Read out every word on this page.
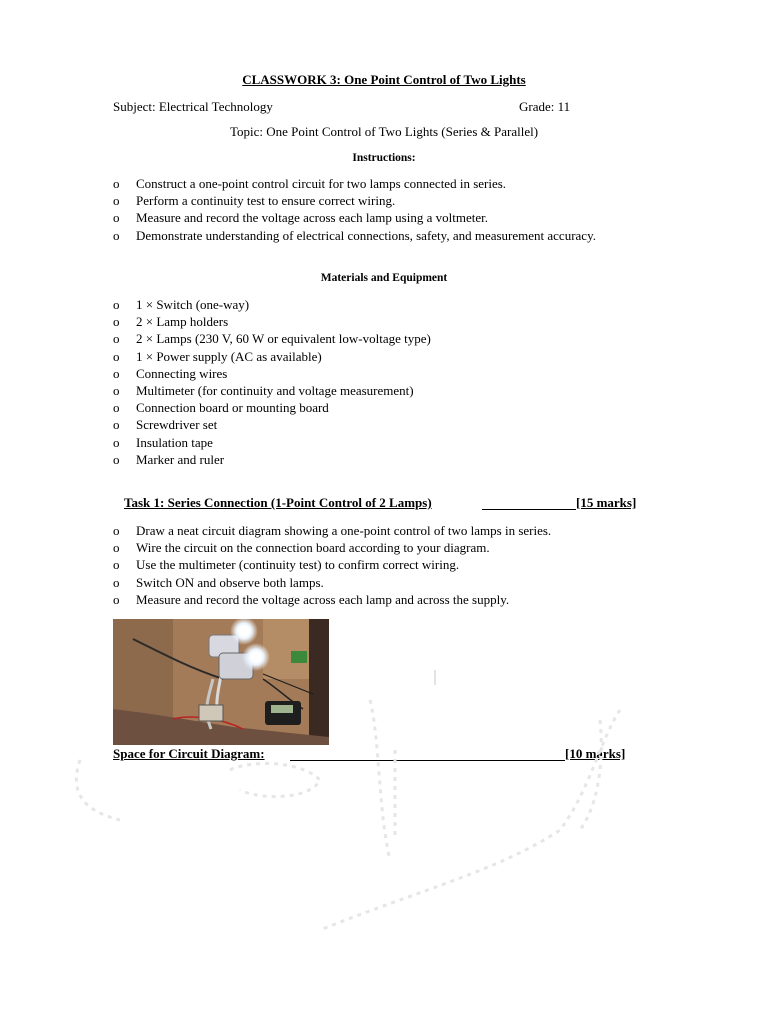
CLASSWORK 3: One Point Control of Two Lights
Subject: Electrical Technology	Grade: 11
Topic: One Point Control of Two Lights (Series & Parallel)
Instructions:
o Construct a one-point control circuit for two lamps connected in series.
o Perform a continuity test to ensure correct wiring.
o Measure and record the voltage across each lamp using a voltmeter.
o Demonstrate understanding of electrical connections, safety, and measurement accuracy.
Materials and Equipment
o 1 × Switch (one-way)
o 2 × Lamp holders
o 2 × Lamps (230 V, 60 W or equivalent low-voltage type)
o 1 × Power supply (AC as available)
o Connecting wires
o Multimeter (for continuity and voltage measurement)
o Connection board or mounting board
o Screwdriver set
o Insulation tape
o Marker and ruler
Task 1: Series Connection (1-Point Control of 2 Lamps)	[15 marks]
o Draw a neat circuit diagram showing a one-point control of two lamps in series.
o Wire the circuit on the connection board according to your diagram.
o Use the multimeter (continuity test) to confirm correct wiring.
o Switch ON and observe both lamps.
o Measure and record the voltage across each lamp and across the supply.
Space for Circuit Diagram:	[10 marks]
